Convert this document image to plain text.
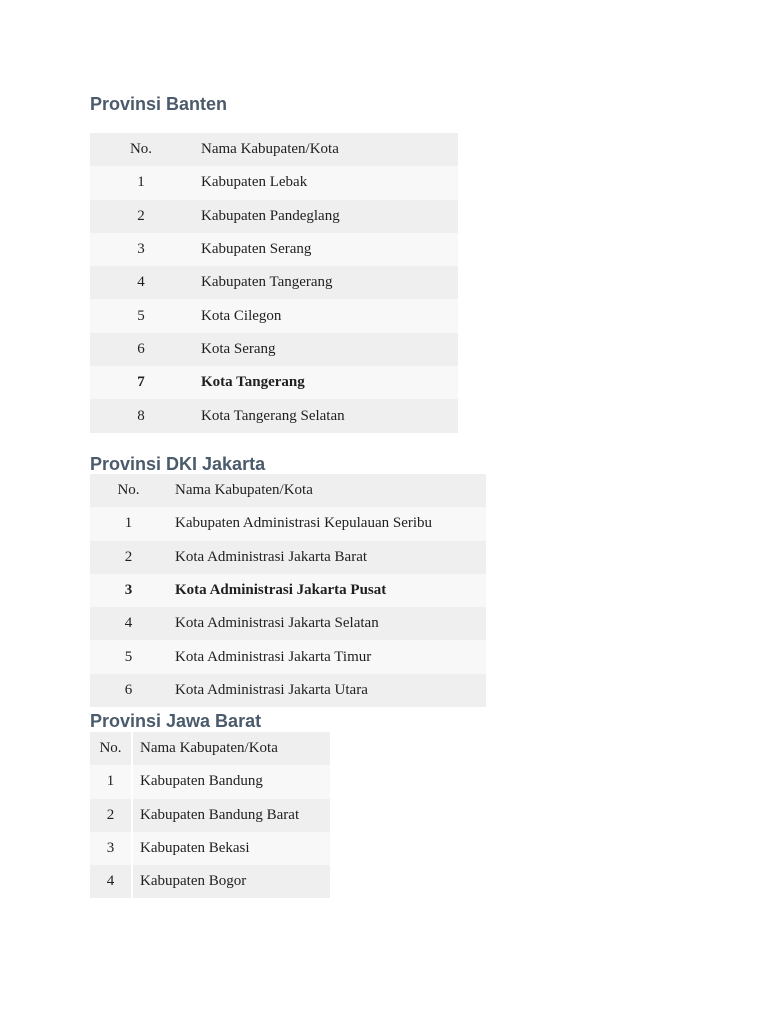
Provinsi Banten
No.	Nama Kabupaten/Kota
1	Kabupaten Lebak
2	Kabupaten Pandeglang
3	Kabupaten Serang
4	Kabupaten Tangerang
5	Kota Cilegon
6	Kota Serang
7	Kota Tangerang
8	Kota Tangerang Selatan
Provinsi DKI Jakarta
No.	Nama Kabupaten/Kota
1	Kabupaten Administrasi Kepulauan Seribu
2	Kota Administrasi Jakarta Barat
3	Kota Administrasi Jakarta Pusat
4	Kota Administrasi Jakarta Selatan
5	Kota Administrasi Jakarta Timur
6	Kota Administrasi Jakarta Utara
Provinsi Jawa Barat
No.	Nama Kabupaten/Kota
1	Kabupaten Bandung
2	Kabupaten Bandung Barat
3	Kabupaten Bekasi
4	Kabupaten Bogor
